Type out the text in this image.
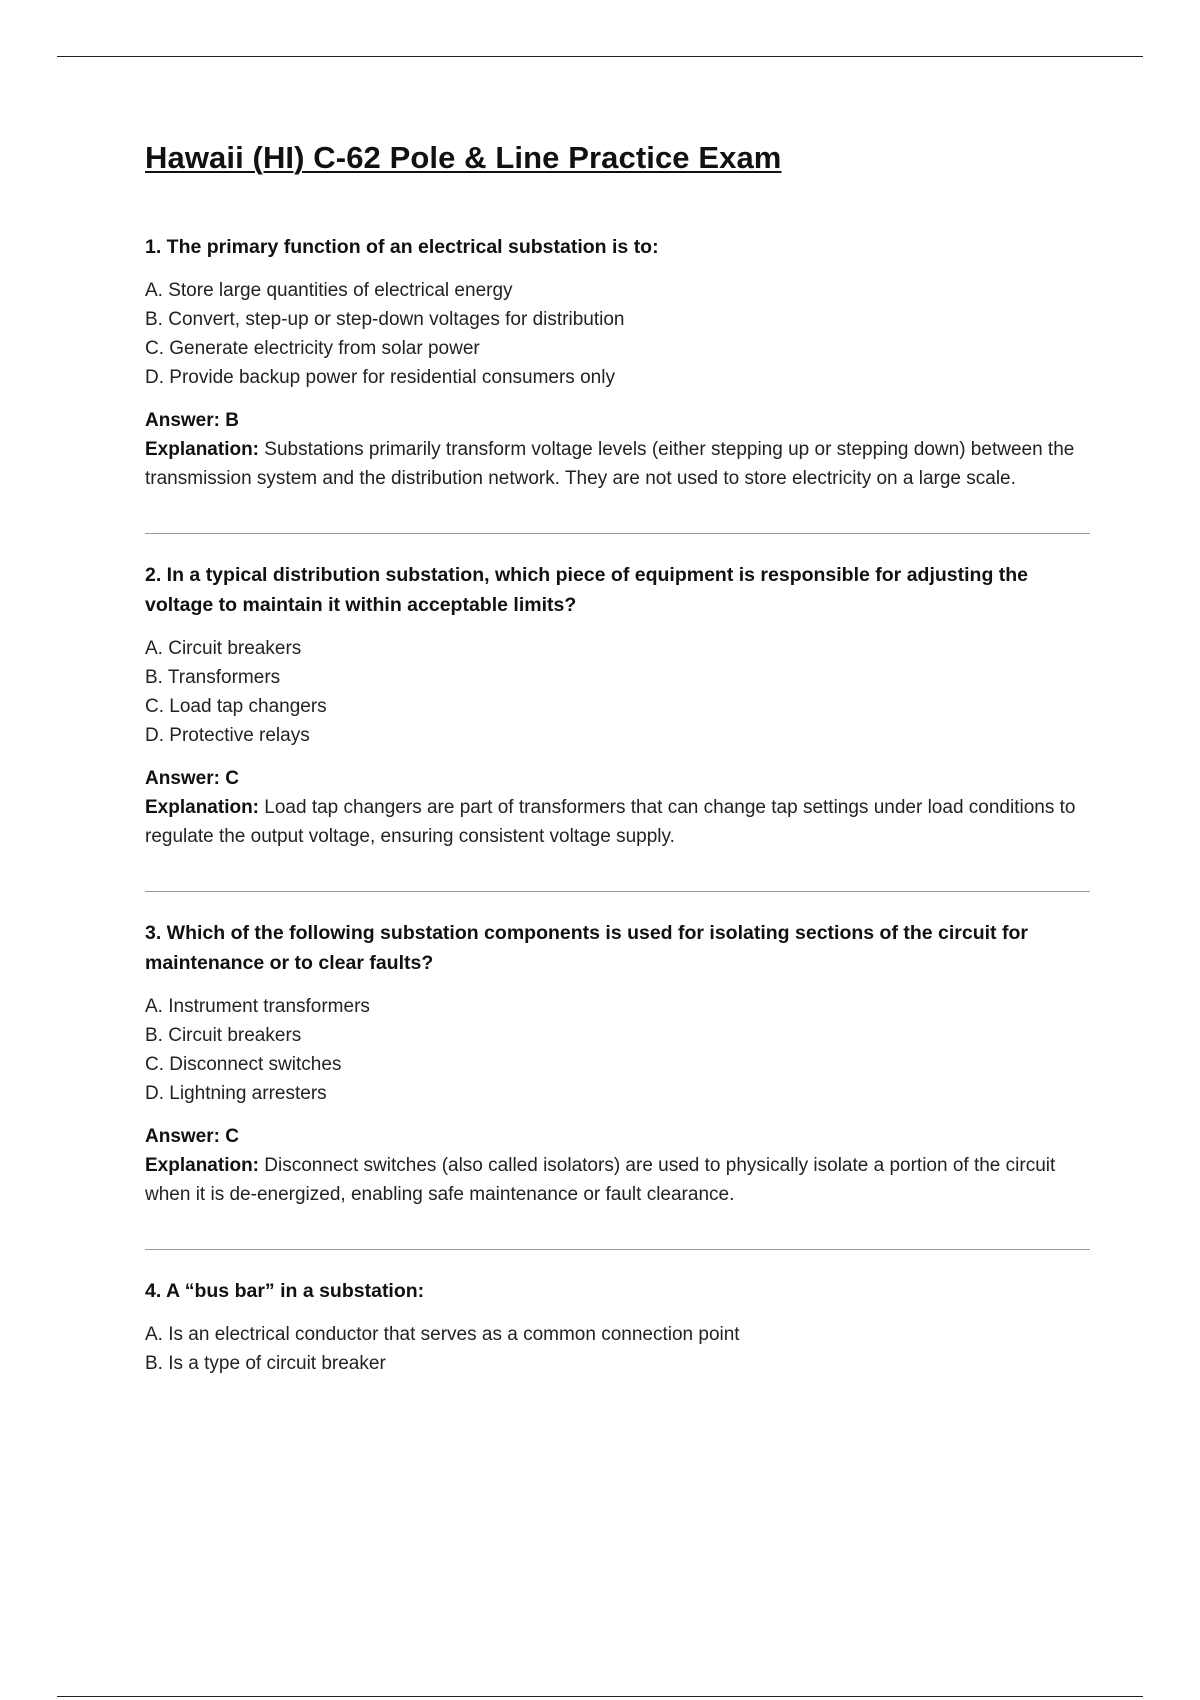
Hawaii (HI) C-62 Pole & Line Practice Exam

1. The primary function of an electrical substation is to:

A. Store large quantities of electrical energy
B. Convert, step-up or step-down voltages for distribution
C. Generate electricity from solar power
D. Provide backup power for residential consumers only

Answer: B

Explanation: Substations primarily transform voltage levels (either stepping up or stepping down) between the transmission system and the distribution network. They are not used to store electricity on a large scale.

2. In a typical distribution substation, which piece of equipment is responsible for adjusting the voltage to maintain it within acceptable limits?

A. Circuit breakers
B. Transformers
C. Load tap changers
D. Protective relays

Answer: C

Explanation: Load tap changers are part of transformers that can change tap settings under load conditions to regulate the output voltage, ensuring consistent voltage supply.

3. Which of the following substation components is used for isolating sections of the circuit for maintenance or to clear faults?

A. Instrument transformers
B. Circuit breakers
C. Disconnect switches
D. Lightning arresters

Answer: C

Explanation: Disconnect switches (also called isolators) are used to physically isolate a portion of the circuit when it is de-energized, enabling safe maintenance or fault clearance.

4. A “bus bar” in a substation:

A. Is an electrical conductor that serves as a common connection point
B. Is a type of circuit breaker
